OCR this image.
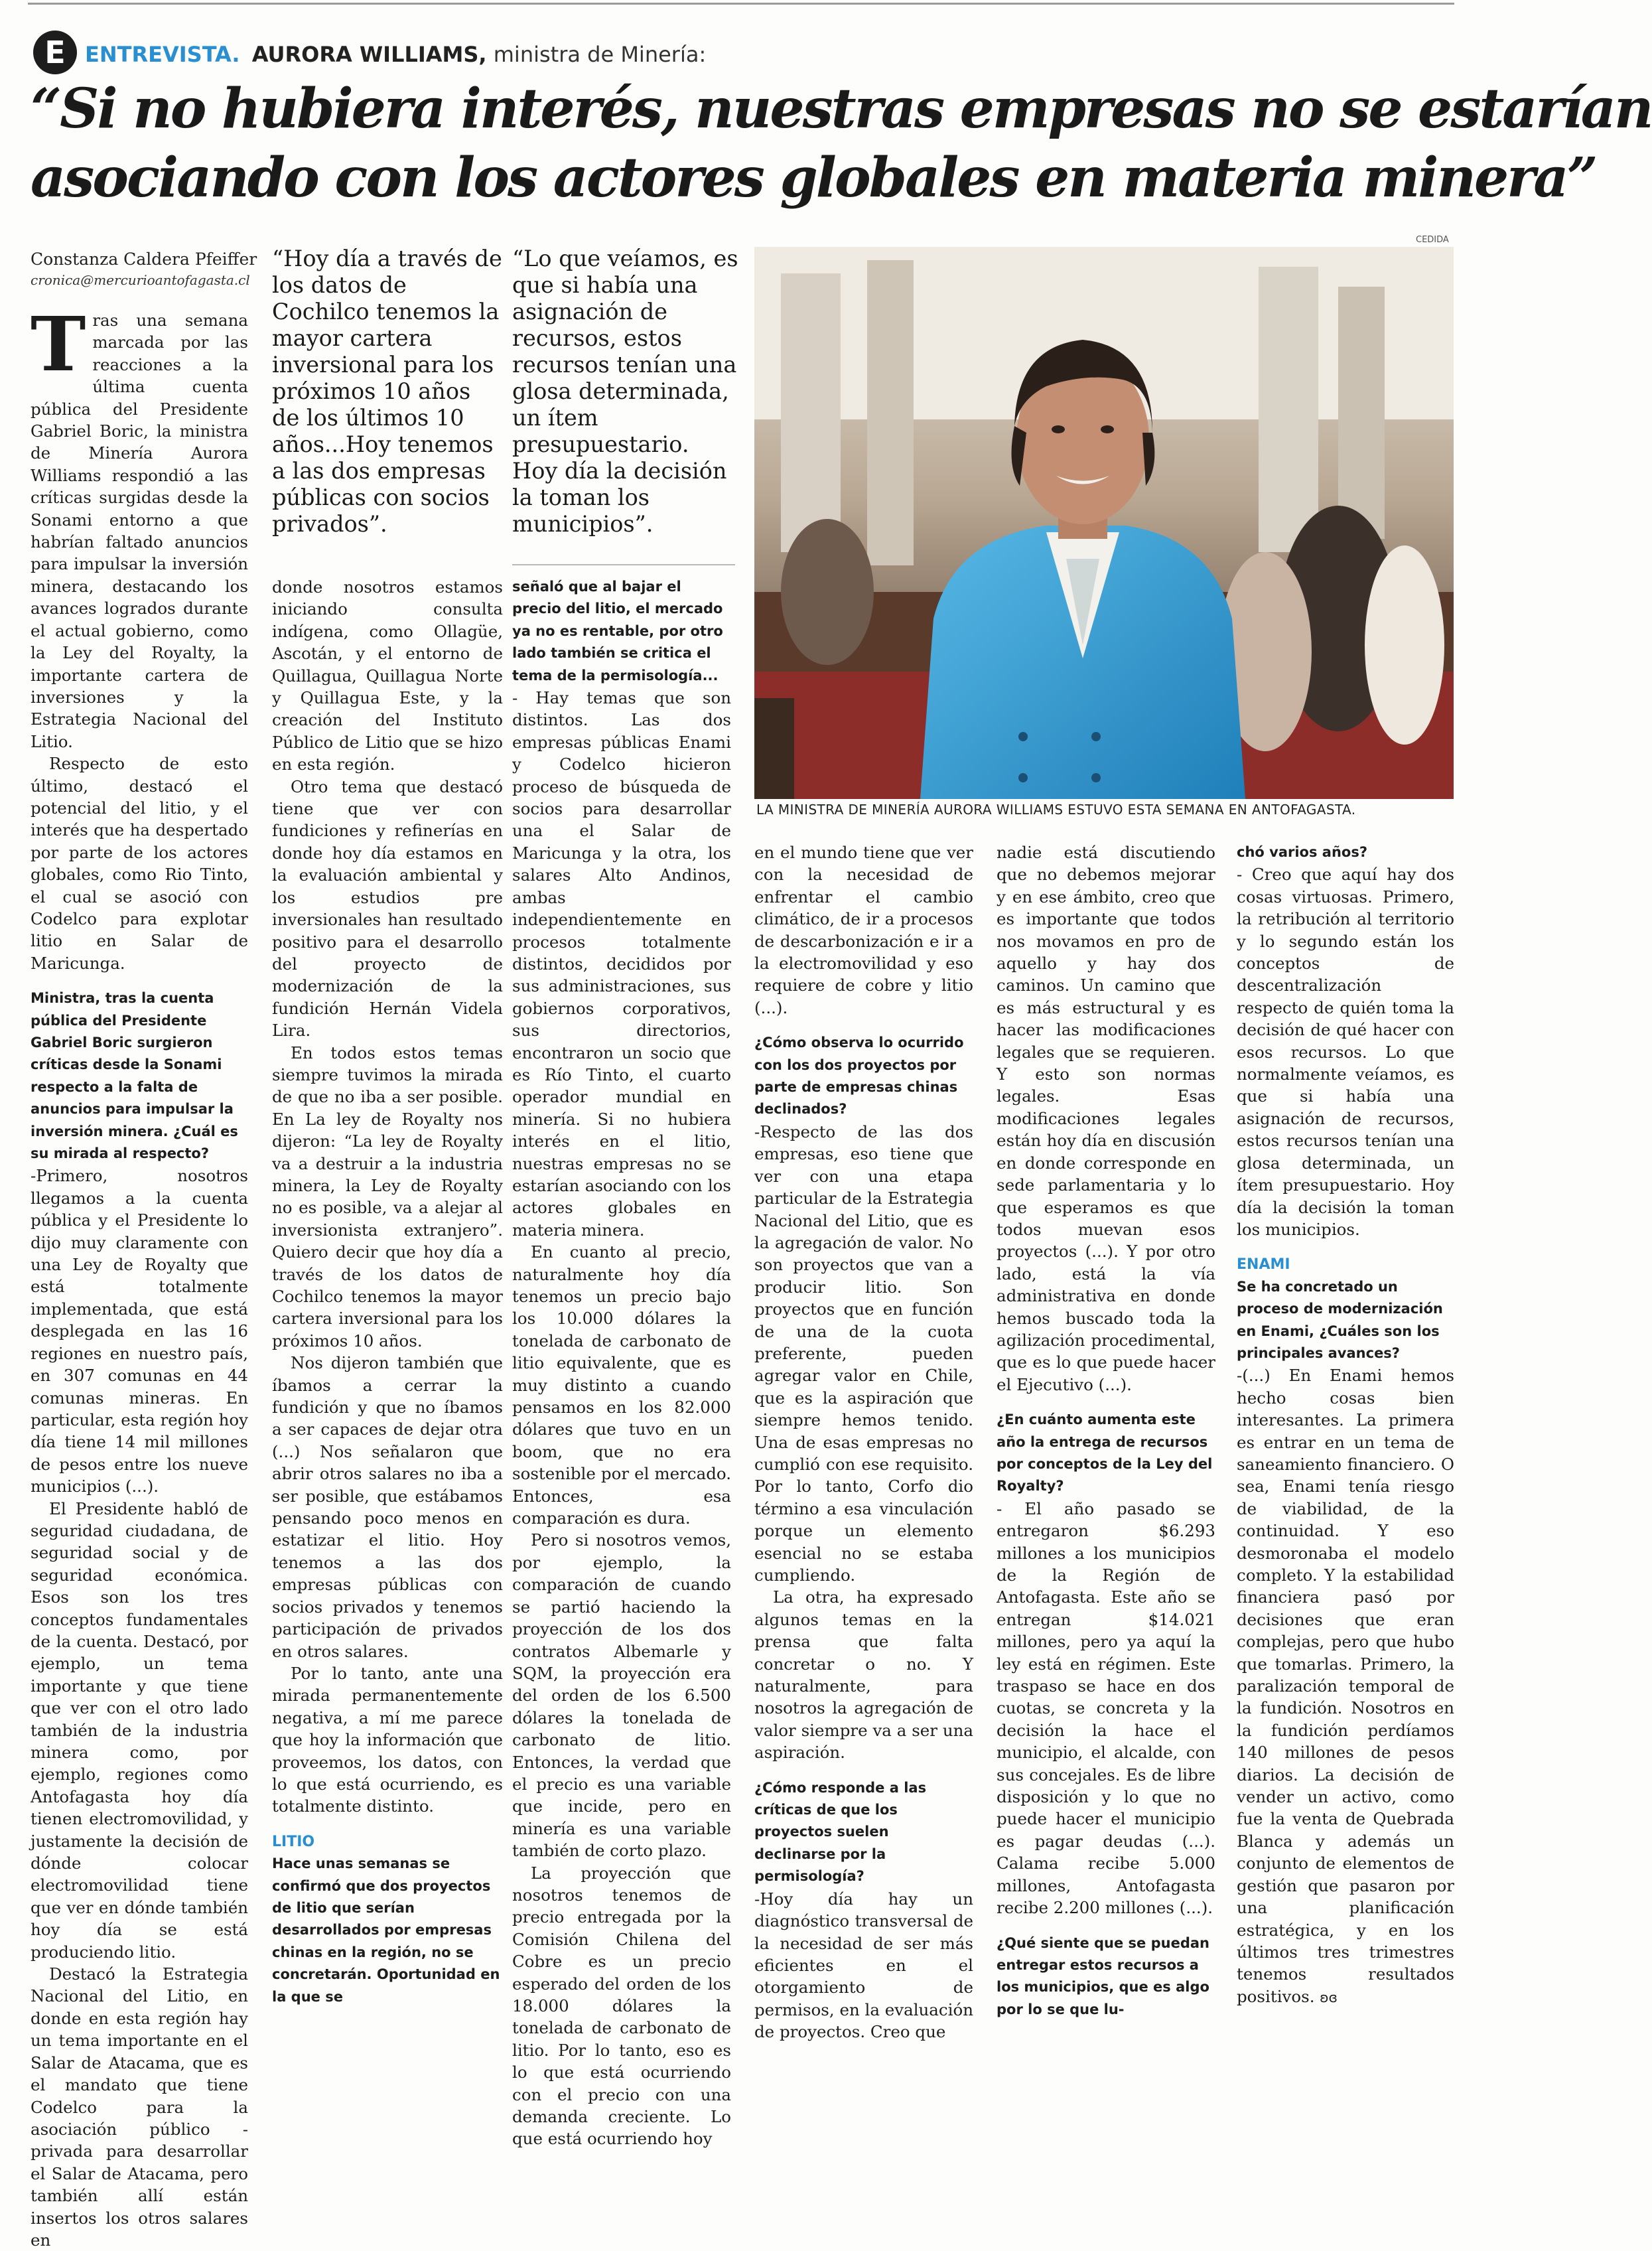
E ENTREVISTA. AURORA WILLIAMS, ministra de Minería:
“Si no hubiera interés, nuestras empresas no se estarían
asociando con los actores globales en materia minera”
Constanza Caldera Pfeiffer
cronica@mercurioantofagasta.cl
“Hoy día a través de los datos de Cochilco tenemos la mayor cartera inversional para los próximos 10 años de los últimos 10 años...Hoy tenemos a las dos empresas públicas con socios privados”.
“Lo que veíamos, es que si había una asignación de recursos, estos recursos tenían una glosa determinada, un ítem presupuestario. Hoy día la decisión la toman los municipios”.
CEDIDA
LA MINISTRA DE MINERÍA AURORA WILLIAMS ESTUVO ESTA SEMANA EN ANTOFAGASTA.

Tras una semana marcada por las reacciones a la última cuenta pública del Presidente Gabriel Boric, la ministra de Minería Aurora Williams respondió a las críticas surgidas desde la Sonami entorno a que habrían faltado anuncios para impulsar la inversión minera, destacando los avances logrados durante el actual gobierno, como la Ley del Royalty, la importante cartera de inversiones y la Estrategia Nacional del Litio.

Respecto de esto último, destacó el potencial del litio, y el interés que ha despertado por parte de los actores globales, como Rio Tinto, el cual se asoció con Codelco para explotar litio en Salar de Maricunga.

Ministra, tras la cuenta pública del Presidente Gabriel Boric surgieron críticas desde la Sonami respecto a la falta de anuncios para impulsar la inversión minera. ¿Cuál es su mirada al respecto?

-Primero, nosotros llegamos a la cuenta pública y el Presidente lo dijo muy claramente con una Ley de Royalty que está totalmente implementada, que está desplegada en las 16 regiones en nuestro país, en 307 comunas en 44 comunas mineras. En particular, esta región hoy día tiene 14 mil millones de pesos entre los nueve municipios (...).

El Presidente habló de seguridad ciudadana, de seguridad social y de seguridad económica. Esos son los tres conceptos fundamentales de la cuenta. Destacó, por ejemplo, un tema importante y que tiene que ver con el otro lado también de la industria minera como, por ejemplo, regiones como Antofagasta hoy día tienen electromovilidad, y justamente la decisión de dónde colocar electromovilidad tiene que ver en dónde también hoy día se está produciendo litio.

Destacó la Estrategia Nacional del Litio, en donde en esta región hay un tema importante en el Salar de Atacama, que es el mandato que tiene Codelco para la asociación público - privada para desarrollar el Salar de Atacama, pero también allí están insertos los otros salares en

donde nosotros estamos iniciando consulta indígena, como Ollagüe, Ascotán, y el entorno de Quillagua, Quillagua Norte y Quillagua Este, y la creación del Instituto Público de Litio que se hizo en esta región.

Otro tema que destacó tiene que ver con fundiciones y refinerías en donde hoy día estamos en la evaluación ambiental y los estudios pre inversionales han resultado positivo para el desarrollo del proyecto de modernización de la fundición Hernán Videla Lira.

En todos estos temas siempre tuvimos la mirada de que no iba a ser posible. En La ley de Royalty nos dijeron: “La ley de Royalty va a destruir a la industria minera, la Ley de Royalty no es posible, va a alejar al inversionista extranjero”. Quiero decir que hoy día a través de los datos de Cochilco tenemos la mayor cartera inversional para los próximos 10 años.

Nos dijeron también que íbamos a cerrar la fundición y que no íbamos a ser capaces de dejar otra (...) Nos señalaron que abrir otros salares no iba a ser posible, que estábamos pensando poco menos en estatizar el litio. Hoy tenemos a las dos empresas públicas con socios privados y tenemos participación de privados en otros salares.

Por lo tanto, ante una mirada permanentemente negativa, a mí me parece que hoy la información que proveemos, los datos, con lo que está ocurriendo, es totalmente distinto.

LITIO

Hace unas semanas se confirmó que dos proyectos de litio que serían desarrollados por empresas chinas en la región, no se concretarán. Oportunidad en la que se

señaló que al bajar el precio del litio, el mercado ya no es rentable, por otro lado también se critica el tema de la permisología...

- Hay temas que son distintos. Las dos empresas públicas Enami y Codelco hicieron proceso de búsqueda de socios para desarrollar una el Salar de Maricunga y la otra, los salares Alto Andinos, ambas independientemente en procesos totalmente distintos, decididos por sus administraciones, sus gobiernos corporativos, sus directorios, encontraron un socio que es Río Tinto, el cuarto operador mundial en minería. Si no hubiera interés en el litio, nuestras empresas no se estarían asociando con los actores globales en materia minera.

En cuanto al precio, naturalmente hoy día tenemos un precio bajo los 10.000 dólares la tonelada de carbonato de litio equivalente, que es muy distinto a cuando pensamos en los 82.000 dólares que tuvo en un boom, que no era sostenible por el mercado. Entonces, esa comparación es dura.

Pero si nosotros vemos, por ejemplo, la comparación de cuando se partió haciendo la proyección de los dos contratos Albemarle y SQM, la proyección era del orden de los 6.500 dólares la tonelada de carbonato de litio. Entonces, la verdad que el precio es una variable que incide, pero en minería es una variable también de corto plazo.

La proyección que nosotros tenemos de precio entregada por la Comisión Chilena del Cobre es un precio esperado del orden de los 18.000 dólares la tonelada de carbonato de litio. Por lo tanto, eso es lo que está ocurriendo con el precio con una demanda creciente. Lo que está ocurriendo hoy

en el mundo tiene que ver con la necesidad de enfrentar el cambio climático, de ir a procesos de descarbonización e ir a la electromovilidad y eso requiere de cobre y litio (...).

¿Cómo observa lo ocurrido con los dos proyectos por parte de empresas chinas declinados?

-Respecto de las dos empresas, eso tiene que ver con una etapa particular de la Estrategia Nacional del Litio, que es la agregación de valor. No son proyectos que van a producir litio. Son proyectos que en función de una de la cuota preferente, pueden agregar valor en Chile, que es la aspiración que siempre hemos tenido. Una de esas empresas no cumplió con ese requisito. Por lo tanto, Corfo dio término a esa vinculación porque un elemento esencial no se estaba cumpliendo.

La otra, ha expresado algunos temas en la prensa que falta concretar o no. Y naturalmente, para nosotros la agregación de valor siempre va a ser una aspiración.

¿Cómo responde a las críticas de que los proyectos suelen declinarse por la permisología?

-Hoy día hay un diagnóstico transversal de la necesidad de ser más eficientes en el otorgamiento de permisos, en la evaluación de proyectos. Creo que

nadie está discutiendo que no debemos mejorar y en ese ámbito, creo que es importante que todos nos movamos en pro de aquello y hay dos caminos. Un camino que es más estructural y es hacer las modificaciones legales que se requieren. Y esto son normas legales. Esas modificaciones legales están hoy día en discusión en donde corresponde en sede parlamentaria y lo que esperamos es que todos muevan esos proyectos (...). Y por otro lado, está la vía administrativa en donde hemos buscado toda la agilización procedimental, que es lo que puede hacer el Ejecutivo (...).

¿En cuánto aumenta este año la entrega de recursos por conceptos de la Ley del Royalty?

- El año pasado se entregaron $6.293 millones a los municipios de la Región de Antofagasta. Este año se entregan $14.021 millones, pero ya aquí la ley está en régimen. Este traspaso se hace en dos cuotas, se concreta y la decisión la hace el municipio, el alcalde, con sus concejales. Es de libre disposición y lo que no puede hacer el municipio es pagar deudas (...). Calama recibe 5.000 millones, Antofagasta recibe 2.200 millones (...).

¿Qué siente que se puedan entregar estos recursos a los municipios, que es algo por lo se que lu-

chó varios años?

- Creo que aquí hay dos cosas virtuosas. Primero, la retribución al territorio y lo segundo están los conceptos de descentralización respecto de quién toma la decisión de qué hacer con esos recursos. Lo que normalmente veíamos, es que si había una asignación de recursos, estos recursos tenían una glosa determinada, un ítem presupuestario. Hoy día la decisión la toman los municipios.

ENAMI

Se ha concretado un proceso de modernización en Enami, ¿Cuáles son los principales avances?

-(...) En Enami hemos hecho cosas bien interesantes. La primera es entrar en un tema de saneamiento financiero. O sea, Enami tenía riesgo de viabilidad, de la continuidad. Y eso desmoronaba el modelo completo. Y la estabilidad financiera pasó por decisiones que eran complejas, pero que hubo que tomarlas. Primero, la paralización temporal de la fundición. Nosotros en la fundición perdíamos 140 millones de pesos diarios. La decisión de vender un activo, como fue la venta de Quebrada Blanca y además un conjunto de elementos de gestión que pasaron por una planificación estratégica, y en los últimos tres trimestres tenemos resultados positivos. ʚɞ
